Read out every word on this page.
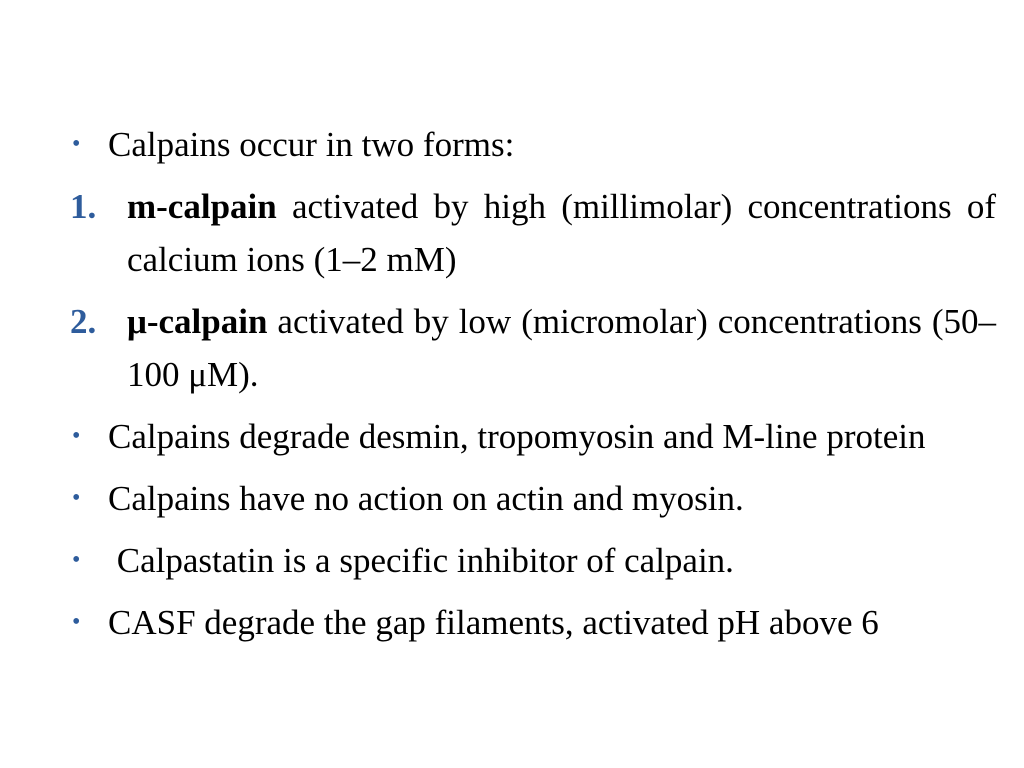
• Calpains occur in two forms:
1. m-calpain activated by high (millimolar) concentrations of calcium ions (1–2 mM)
2. μ-calpain activated by low (micromolar) concentrations (50–100 μM).
• Calpains degrade desmin, tropomyosin and M-line protein
• Calpains have no action on actin and myosin.
• Calpastatin is a specific inhibitor of calpain.
• CASF degrade the gap filaments, activated pH above 6
